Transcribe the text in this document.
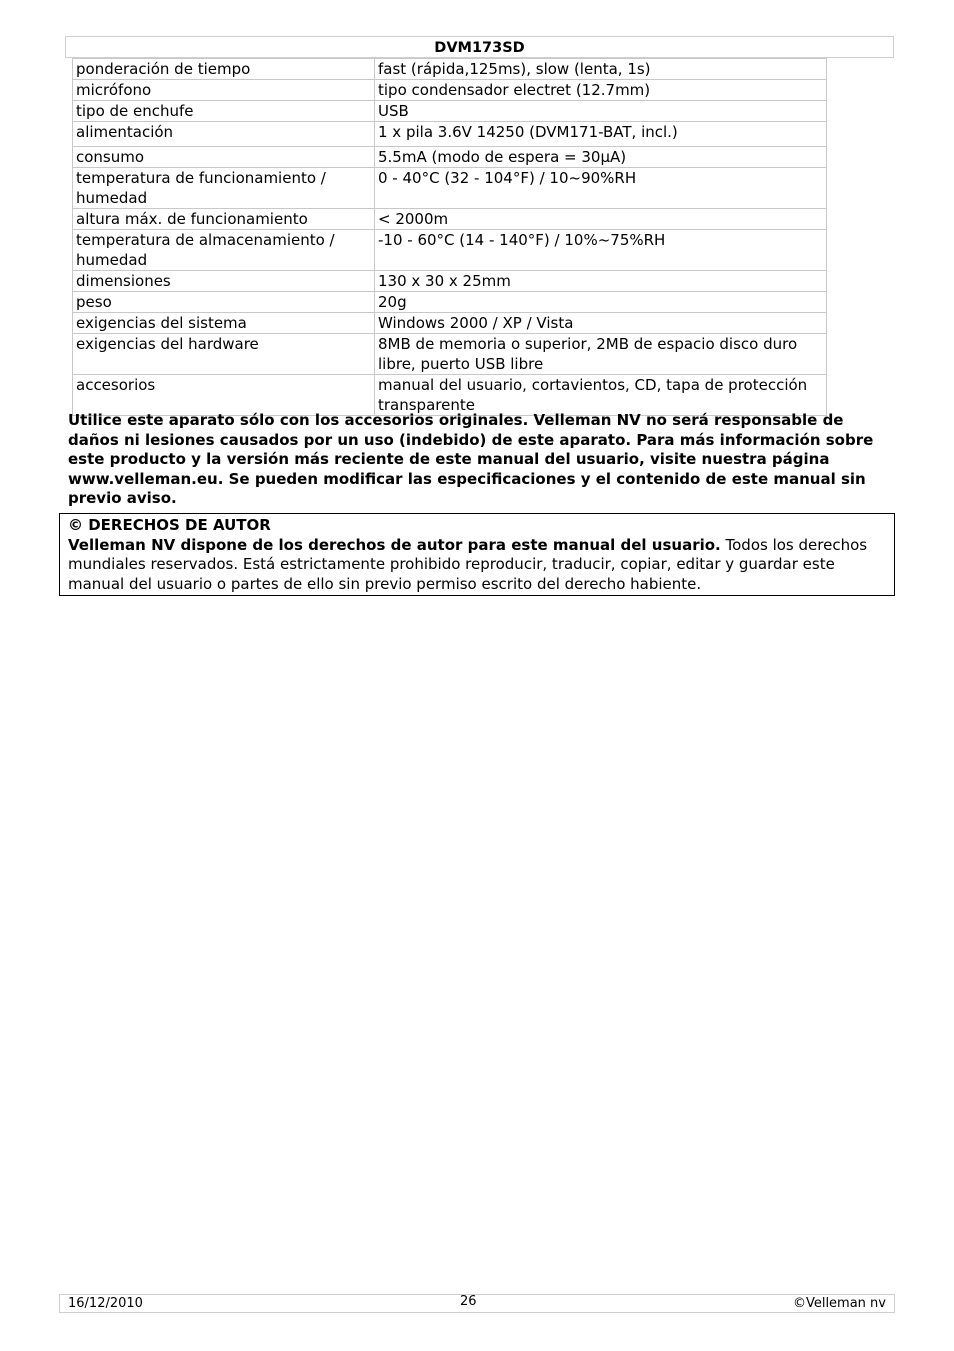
DVM173SD
ponderación de tiempo	fast (rápida,125ms), slow (lenta, 1s)
micrófono	tipo condensador electret (12.7mm)
tipo de enchufe	USB
alimentación	1 x pila 3.6V 14250 (DVM171-BAT, incl.)
consumo	5.5mA (modo de espera = 30µA)
temperatura de funcionamiento / humedad	0 - 40°C (32 - 104°F) / 10~90%RH
altura máx. de funcionamiento	< 2000m
temperatura de almacenamiento / humedad	-10 - 60°C (14 - 140°F) / 10%~75%RH
dimensiones	130 x 30 x 25mm
peso	20g
exigencias del sistema	Windows 2000 / XP / Vista
exigencias del hardware	8MB de memoria o superior, 2MB de espacio disco duro libre, puerto USB libre
accesorios	manual del usuario, cortavientos, CD, tapa de protección transparente
Utilice este aparato sólo con los accesorios originales. Velleman NV no será responsable de daños ni lesiones causados por un uso (indebido) de este aparato. Para más información sobre este producto y la versión más reciente de este manual del usuario, visite nuestra página www.velleman.eu. Se pueden modificar las especificaciones y el contenido de este manual sin previo aviso.
© DERECHOS DE AUTOR
Velleman NV dispone de los derechos de autor para este manual del usuario. Todos los derechos mundiales reservados. Está estrictamente prohibido reproducir, traducir, copiar, editar y guardar este manual del usuario o partes de ello sin previo permiso escrito del derecho habiente.
16/12/2010	26	©Velleman nv
